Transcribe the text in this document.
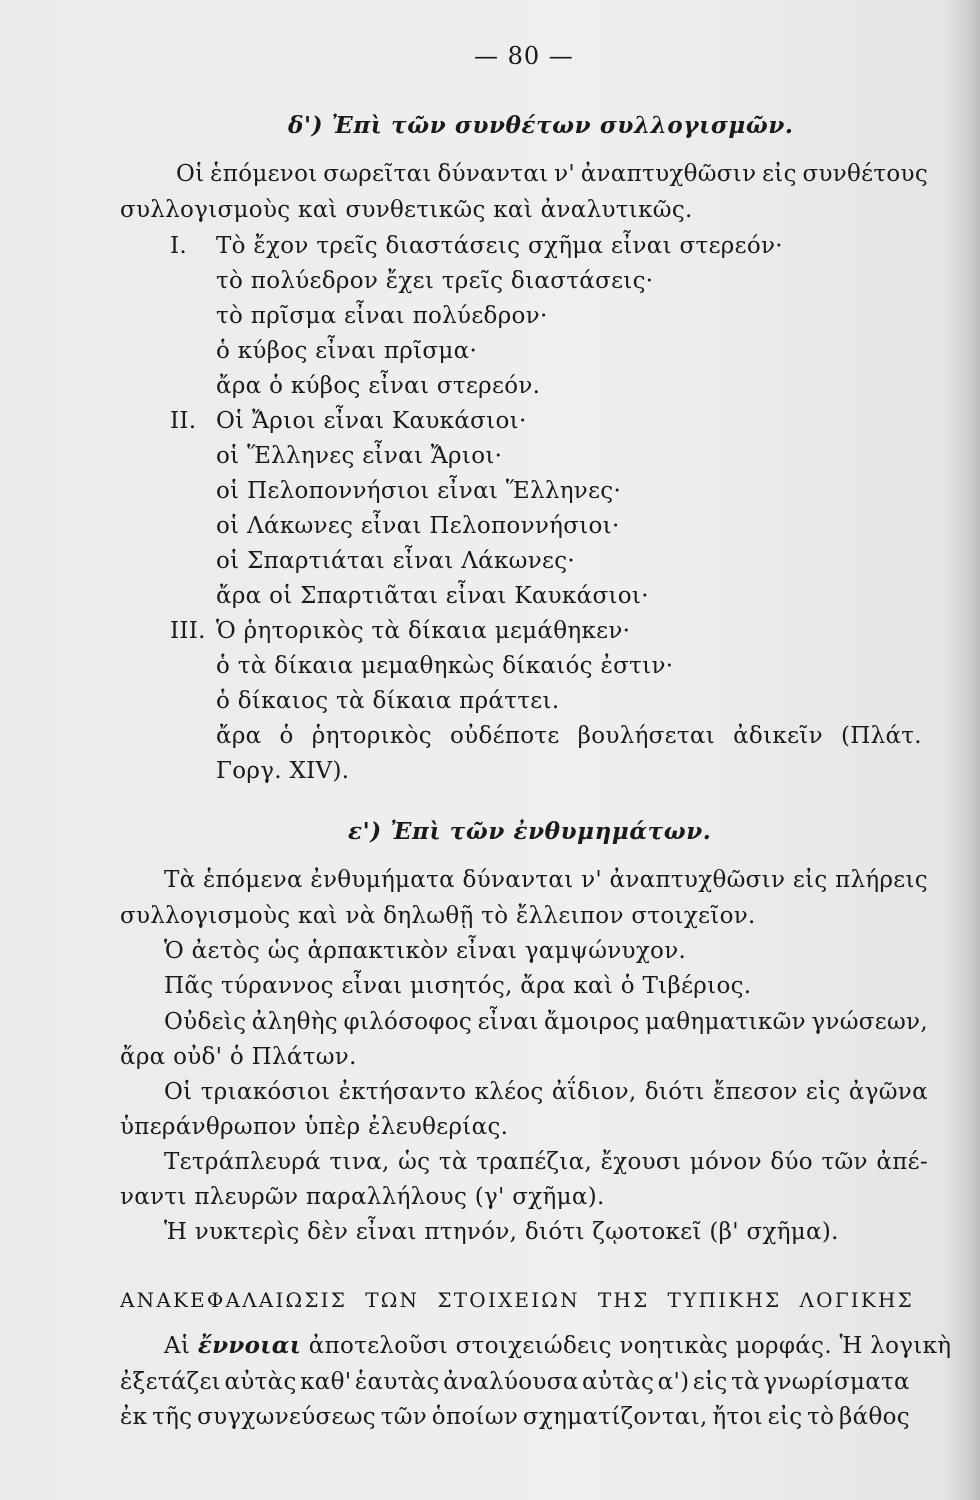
— 80 —
δ') Ἐπὶ τῶν συνθέτων συλλογισμῶν.
Οἱ ἑπόμενοι σωρεῖται δύνανται ν' ἀναπτυχθῶσιν εἰς συνθέτους
συλλογισμοὺς καὶ συνθετικῶς καὶ ἀναλυτικῶς.
I. Τὸ ἔχον τρεῖς διαστάσεις σχῆμα εἶναι στερεόν·
τὸ πολύεδρον ἔχει τρεῖς διαστάσεις·
τὸ πρῖσμα εἶναι πολύεδρον·
ὁ κύβος εἶναι πρῖσμα·
ἄρα ὁ κύβος εἶναι στερεόν.
II. Οἱ Ἄριοι εἶναι Καυκάσιοι·
οἱ Ἕλληνες εἶναι Ἄριοι·
οἱ Πελοποννήσιοι εἶναι Ἕλληνες·
οἱ Λάκωνες εἶναι Πελοποννήσιοι·
οἱ Σπαρτιάται εἶναι Λάκωνες·
ἄρα οἱ Σπαρτιᾶται εἶναι Καυκάσιοι·
III. Ὁ ῥητορικὸς τὰ δίκαια μεμάθηκεν·
ὁ τὰ δίκαια μεμαθηκὼς δίκαιός ἐστιν·
ὁ δίκαιος τὰ δίκαια πράττει.
ἄρα ὁ ῥητορικὸς οὐδέποτε βουλήσεται ἀδικεῖν (Πλάτ.
Γοργ. XIV).
ε') Ἐπὶ τῶν ἐνθυμημάτων.
Τὰ ἑπόμενα ἐνθυμήματα δύνανται ν' ἀναπτυχθῶσιν εἰς πλήρεις
συλλογισμοὺς καὶ νὰ δηλωθῇ τὸ ἔλλειπον στοιχεῖον.
Ὁ ἀετὸς ὡς ἁρπακτικὸν εἶναι γαμψώνυχον.
Πᾶς τύραννος εἶναι μισητός, ἄρα καὶ ὁ Τιβέριος.
Οὐδεὶς ἀληθὴς φιλόσοφος εἶναι ἄμοιρος μαθηματικῶν γνώσεων,
ἄρα οὐδ' ὁ Πλάτων.
Οἱ τριακόσιοι ἐκτήσαντο κλέος ἀΐδιον, διότι ἔπεσον εἰς ἀγῶνα
ὑπεράνθρωπον ὑπὲρ ἐλευθερίας.
Τετράπλευρά τινα, ὡς τὰ τραπέζια, ἔχουσι μόνον δύο τῶν ἀπέ-
ναντι πλευρῶν παραλλήλους (γ' σχῆμα).
Ἡ νυκτερὶς δὲν εἶναι πτηνόν, διότι ζῳοτοκεῖ (β' σχῆμα).
ΑΝΑΚΕΦΑΛΑΙΩΣΙΣ ΤΩΝ ΣΤΟΙΧΕΙΩΝ ΤΗΣ ΤΥΠΙΚΗΣ ΛΟΓΙΚΗΣ
Αἱ ἔννοιαι ἀποτελοῦσι στοιχειώδεις νοητικὰς μορφάς. Ἡ λογικὴ
ἐξετάζει αὐτὰς καθ' ἑαυτὰς ἀναλύουσα αὐτὰς α') εἰς τὰ γνωρίσματα
ἐκ τῆς συγχωνεύσεως τῶν ὁποίων σχηματίζονται, ἤτοι εἰς τὸ βάθος
